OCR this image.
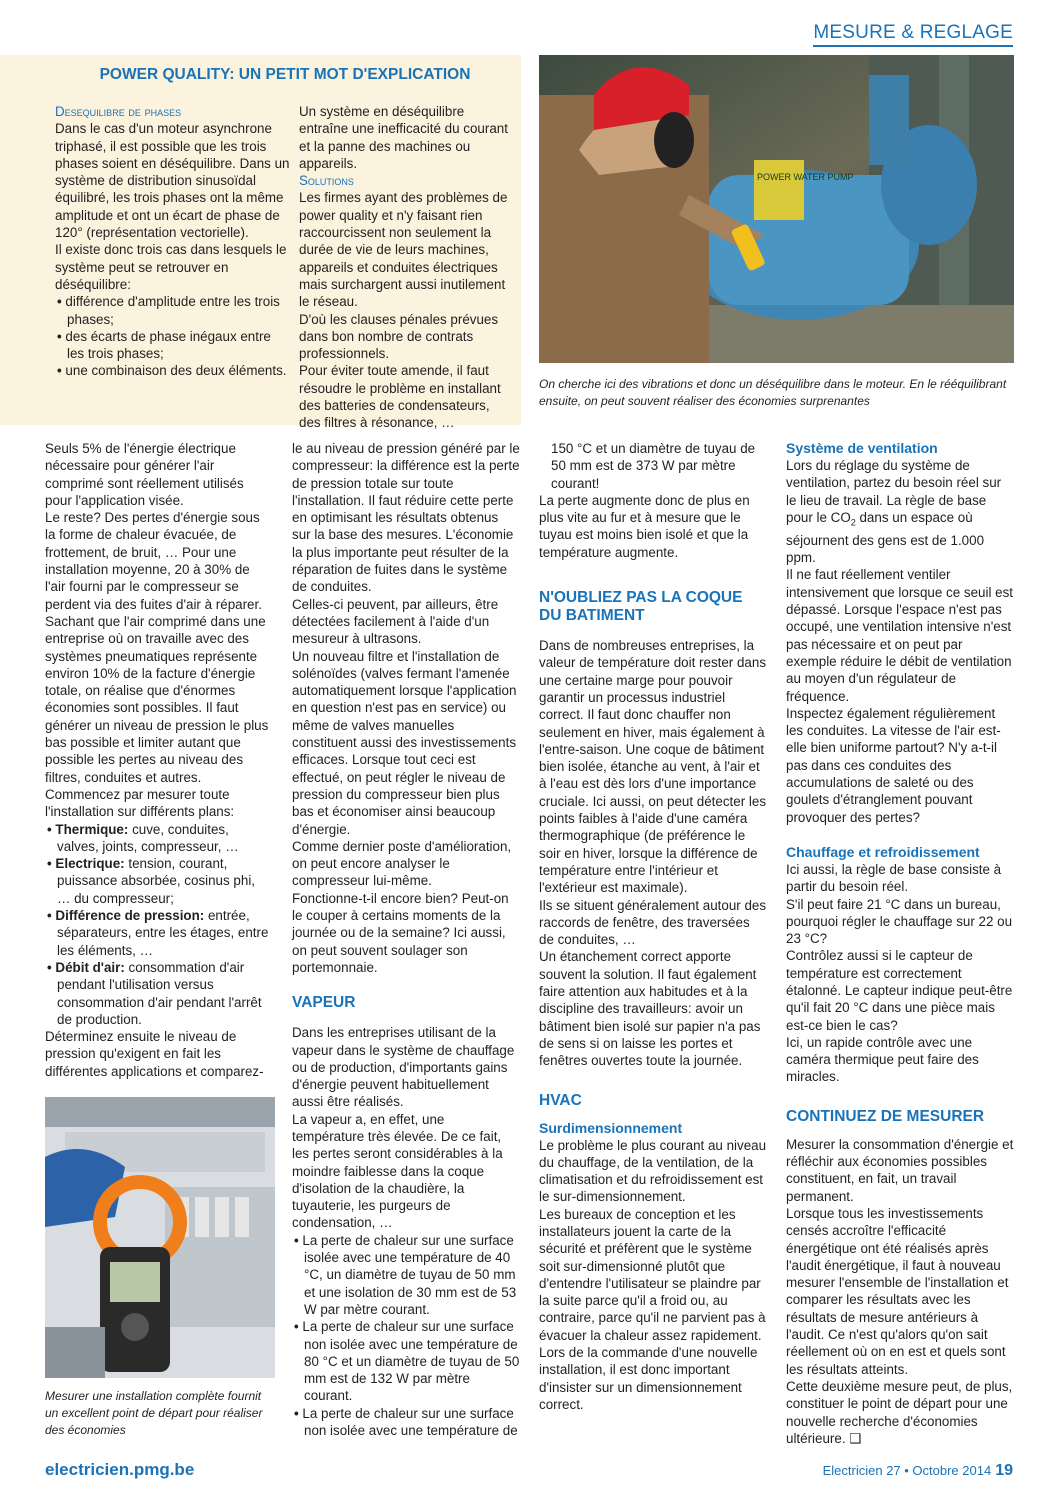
MESURE & REGLAGE
POWER QUALITY: UN PETIT MOT D'EXPLICATION

Desequilibre de phases

Dans le cas d'un moteur asynchrone triphasé, il est possible que les trois phases soient en déséquilibre. Dans un système de distribution sinusoïdal équilibré, les trois phases ont la même amplitude et ont un écart de phase de 120° (représentation vectorielle).

Il existe donc trois cas dans lesquels le système peut se retrouver en déséquilibre:

• différence d'amplitude entre les trois phases;

• des écarts de phase inégaux entre les trois phases;

• une combinaison des deux éléments.

Un système en déséquilibre entraîne une inefficacité du courant et la panne des machines ou appareils.

Solutions

Les firmes ayant des problèmes de power quality et n'y faisant rien raccourcissent non seulement la durée de vie de leurs machines, appareils et conduites électriques mais surchargent aussi inutilement le réseau.

D'où les clauses pénales prévues dans bon nombre de contrats professionnels.

Pour éviter toute amende, il faut résoudre le problème en installant des batteries de condensateurs, des filtres à résonance, …

POWER WATER PUMP
On cherche ici des vibrations et donc un déséquilibre dans le moteur. En le rééquilibrant ensuite, on peut souvent réaliser des économies surprenantes

Seuls 5% de l'énergie électrique nécessaire pour générer l'air comprimé sont réellement utilisés pour l'application visée.

Le reste? Des pertes d'énergie sous la forme de chaleur évacuée, de frottement, de bruit, … Pour une installation moyenne, 20 à 30% de l'air fourni par le compresseur se perdent via des fuites d'air à réparer. Sachant que l'air comprimé dans une entreprise où on travaille avec des systèmes pneumatiques représente environ 10% de la facture d'énergie totale, on réalise que d'énormes économies sont possibles. Il faut générer un niveau de pression le plus bas possible et limiter autant que possible les pertes au niveau des filtres, conduites et autres.

Commencez par mesurer toute l'installation sur différents plans:

• Thermique: cuve, conduites, valves, joints, compresseur, …

• Electrique: tension, courant, puissance absorbée, cosinus phi, … du compresseur;

• Différence de pression: entrée, séparateurs, entre les étages, entre les éléments, …

• Débit d'air: consommation d'air pendant l'utilisation versus consommation d'air pendant l'arrêt de production.

Déterminez ensuite le niveau de pression qu'exigent en fait les différentes applications et comparez-

Mesurer une installation complète fournit un excellent point de départ pour réaliser des économies

le au niveau de pression généré par le compresseur: la différence est la perte de pression totale sur toute l'installation. Il faut réduire cette perte en optimisant les résultats obtenus sur la base des mesures. L'économie la plus importante peut résulter de la réparation de fuites dans le système de conduites.

Celles-ci peuvent, par ailleurs, être détectées facilement à l'aide d'un mesureur à ultrasons.

Un nouveau filtre et l'installation de solénoïdes (valves fermant l'amenée automatiquement lorsque l'application en question n'est pas en service) ou même de valves manuelles constituent aussi des investissements efficaces. Lorsque tout ceci est effectué, on peut régler le niveau de pression du compresseur bien plus bas et économiser ainsi beaucoup d'énergie.

Comme dernier poste d'amélioration, on peut encore analyser le compresseur lui-même.

Fonctionne-t-il encore bien? Peut-on le couper à certains moments de la journée ou de la semaine? Ici aussi, on peut souvent soulager son portemonnaie.

VAPEUR

Dans les entreprises utilisant de la vapeur dans le système de chauffage ou de production, d'importants gains d'énergie peuvent habituellement aussi être réalisés.

La vapeur a, en effet, une température très élevée. De ce fait, les pertes seront considérables à la moindre faiblesse dans la coque d'isolation de la chaudière, la tuyauterie, les purgeurs de condensation, …

• La perte de chaleur sur une surface isolée avec une température de 40 °C, un diamètre de tuyau de 50 mm et une isolation de 30 mm est de 53 W par mètre courant.

• La perte de chaleur sur une surface non isolée avec une température de 80 °C et un diamètre de tuyau de 50 mm est de 132 W par mètre courant.

• La perte de chaleur sur une surface non isolée avec une température de

150 °C et un diamètre de tuyau de 50 mm est de 373 W par mètre courant!

La perte augmente donc de plus en plus vite au fur et à mesure que le tuyau est moins bien isolé et que la température augmente.

N'OUBLIEZ PAS LA COQUE DU BATIMENT

Dans de nombreuses entreprises, la valeur de température doit rester dans une certaine marge pour pouvoir garantir un processus industriel correct. Il faut donc chauffer non seulement en hiver, mais également à l'entre-saison. Une coque de bâtiment bien isolée, étanche au vent, à l'air et à l'eau est dès lors d'une importance cruciale. Ici aussi, on peut détecter les points faibles à l'aide d'une caméra thermographique (de préférence le soir en hiver, lorsque la différence de température entre l'intérieur et l'extérieur est maximale).

Ils se situent généralement autour des raccords de fenêtre, des traversées de conduites, …

Un étanchement correct apporte souvent la solution. Il faut également faire attention aux habitudes et à la discipline des travailleurs: avoir un bâtiment bien isolé sur papier n'a pas de sens si on laisse les portes et fenêtres ouvertes toute la journée.

HVAC

Surdimensionnement

Le problème le plus courant au niveau du chauffage, de la ventilation, de la climatisation et du refroidissement est le sur-dimensionnement.

Les bureaux de conception et les installateurs jouent la carte de la sécurité et préfèrent que le système soit sur-dimensionné plutôt que d'entendre l'utilisateur se plaindre par la suite parce qu'il a froid ou, au contraire, parce qu'il ne parvient pas à évacuer la chaleur assez rapidement. Lors de la commande d'une nouvelle installation, il est donc important d'insister sur un dimensionnement correct.

Système de ventilation

Lors du réglage du système de ventilation, partez du besoin réel sur le lieu de travail. La règle de base pour le $CO_2$ dans un espace où séjournent des gens est de 1.000 ppm.

Il ne faut réellement ventiler intensivement que lorsque ce seuil est dépassé. Lorsque l'espace n'est pas occupé, une ventilation intensive n'est pas nécessaire et on peut par exemple réduire le débit de ventilation au moyen d'un régulateur de fréquence.

Inspectez également régulièrement les conduites. La vitesse de l'air est-elle bien uniforme partout? N'y a-t-il pas dans ces conduites des accumulations de saleté ou des goulets d'étranglement pouvant provoquer des pertes?

Chauffage et refroidissement

Ici aussi, la règle de base consiste à partir du besoin réel.

S'il peut faire 21 °C dans un bureau, pourquoi régler le chauffage sur 22 ou 23 °C?

Contrôlez aussi si le capteur de température est correctement étalonné. Le capteur indique peut-être qu'il fait 20 °C dans une pièce mais est-ce bien le cas?

Ici, un rapide contrôle avec une caméra thermique peut faire des miracles.

CONTINUEZ DE MESURER

Mesurer la consommation d'énergie et réfléchir aux économies possibles constituent, en fait, un travail permanent.

Lorsque tous les investissements censés accroître l'efficacité énergétique ont été réalisés après l'audit énergétique, il faut à nouveau mesurer l'ensemble de l'installation et comparer les résultats avec les résultats de mesure antérieurs à l'audit. Ce n'est qu'alors qu'on sait réellement où on en est et quels sont les résultats atteints.

Cette deuxième mesure peut, de plus, constituer le point de départ pour une nouvelle recherche d'économies ultérieure. ❑

electricien.pmg.be	Electricien 27 • Octobre 2014 19
